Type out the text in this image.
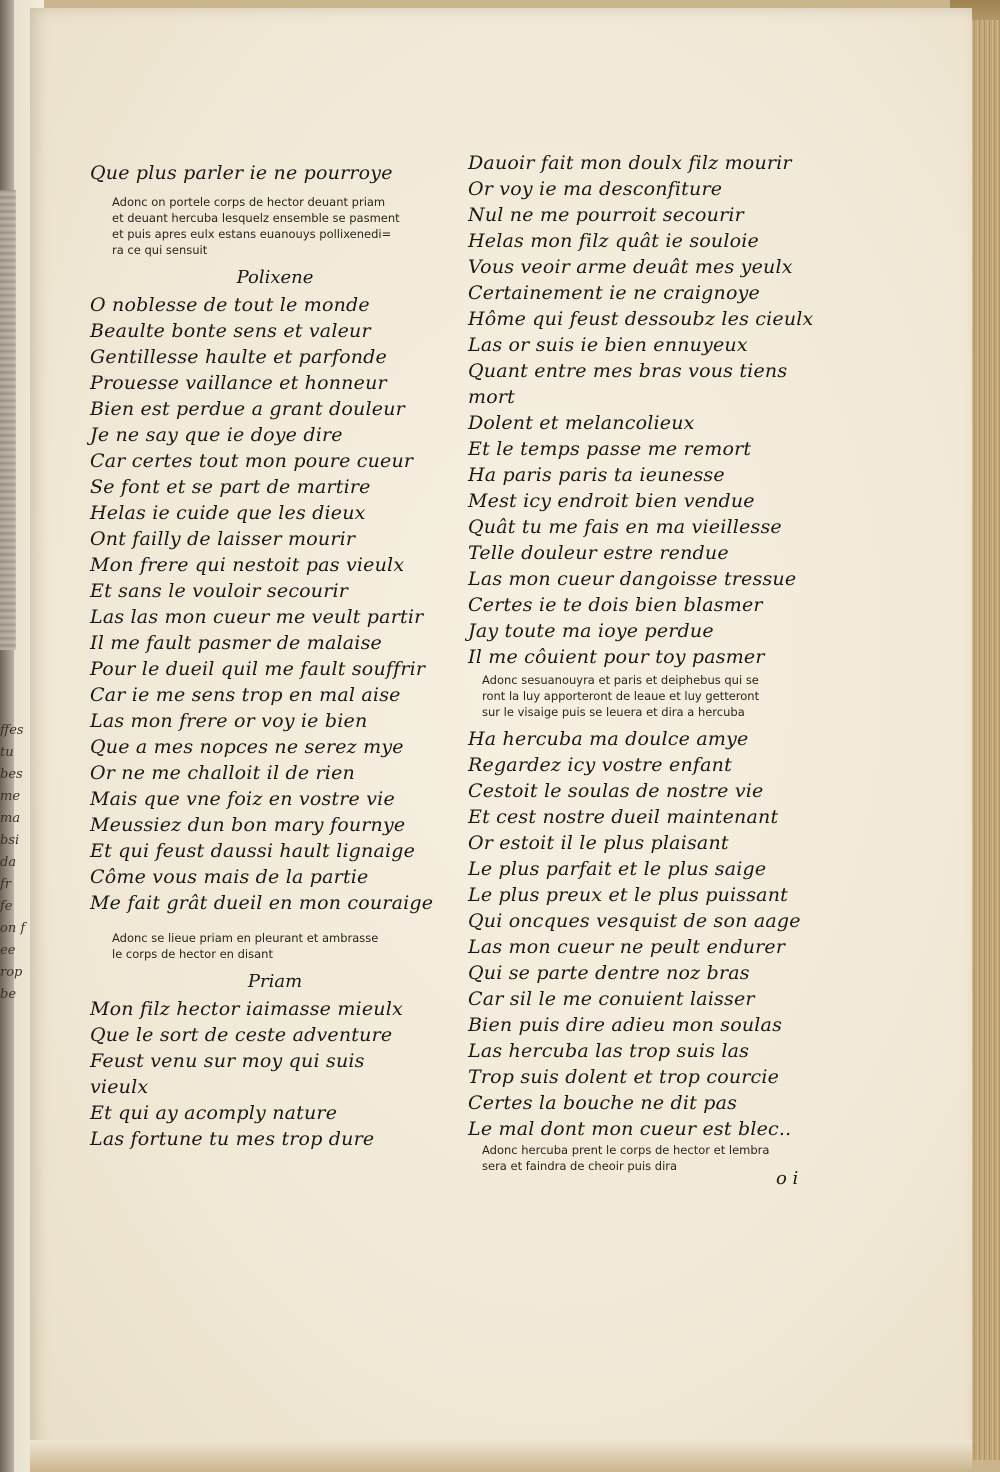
ffes
tu
bes
me
ma
bsi
da
fr
fe
on f
ee
rop
be
Que plus parler ie ne pourroye
Adonc on portele corps de hector deuant priam
et deuant hercuba lesquelz ensemble se pasment
et puis apres eulx estans euanouys pollixenedi=
ra ce qui sensuit
Polixene
O noblesse de tout le monde
Beaulte bonte sens et valeur
Gentillesse haulte et parfonde
Prouesse vaillance et honneur
Bien est perdue a grant douleur
Je ne say que ie doye dire
Car certes tout mon poure cueur
Se font et se part de martire
Helas ie cuide que les dieux
Ont failly de laisser mourir
Mon frere qui nestoit pas vieulx
Et sans le vouloir secourir
Las las mon cueur me veult partir
Il me fault pasmer de malaise
Pour le dueil quil me fault souffrir
Car ie me sens trop en mal aise
Las mon frere or voy ie bien
Que a mes nopces ne serez mye
Or ne me challoit il de rien
Mais que vne foiz en vostre vie
Meussiez dun bon mary fournye
Et qui feust daussi hault lignaige
Côme vous mais de la partie
Me fait grât dueil en mon couraige
Adonc se lieue priam en pleurant et ambrasse
le corps de hector en disant
Priam
Mon filz hector iaimasse mieulx
Que le sort de ceste adventure
Feust venu sur moy qui suis
vieulx
Et qui ay acomply nature
Las fortune tu mes trop dure
Dauoir fait mon doulx filz mourir
Or voy ie ma desconfiture
Nul ne me pourroit secourir
Helas mon filz quât ie souloie
Vous veoir arme deuât mes yeulx
Certainement ie ne craignoye
Hôme qui feust dessoubz les cieulx
Las or suis ie bien ennuyeux
Quant entre mes bras vous tiens
mort
Dolent et melancolieux
Et le temps passe me remort
Ha paris paris ta ieunesse
Mest icy endroit bien vendue
Quât tu me fais en ma vieillesse
Telle douleur estre rendue
Las mon cueur dangoisse tressue
Certes ie te dois bien blasmer
Jay toute ma ioye perdue
Il me côuient pour toy pasmer
Adonc sesuanouyra et paris et deiphebus qui se
ront la luy apporteront de leaue et luy getteront
sur le visaige puis se leuera et dira a hercuba
Ha hercuba ma doulce amye
Regardez icy vostre enfant
Cestoit le soulas de nostre vie
Et cest nostre dueil maintenant
Or estoit il le plus plaisant
Le plus parfait et le plus saige
Le plus preux et le plus puissant
Qui oncques vesquist de son aage
Las mon cueur ne peult endurer
Qui se parte dentre noz bras
Car sil le me conuient laisser
Bien puis dire adieu mon soulas
Las hercuba las trop suis las
Trop suis dolent et trop courcie
Certes la bouche ne dit pas
Le mal dont mon cueur est blec..
Adonc hercuba prent le corps de hector et lembra
sera et faindra de cheoir puis dira
o i
